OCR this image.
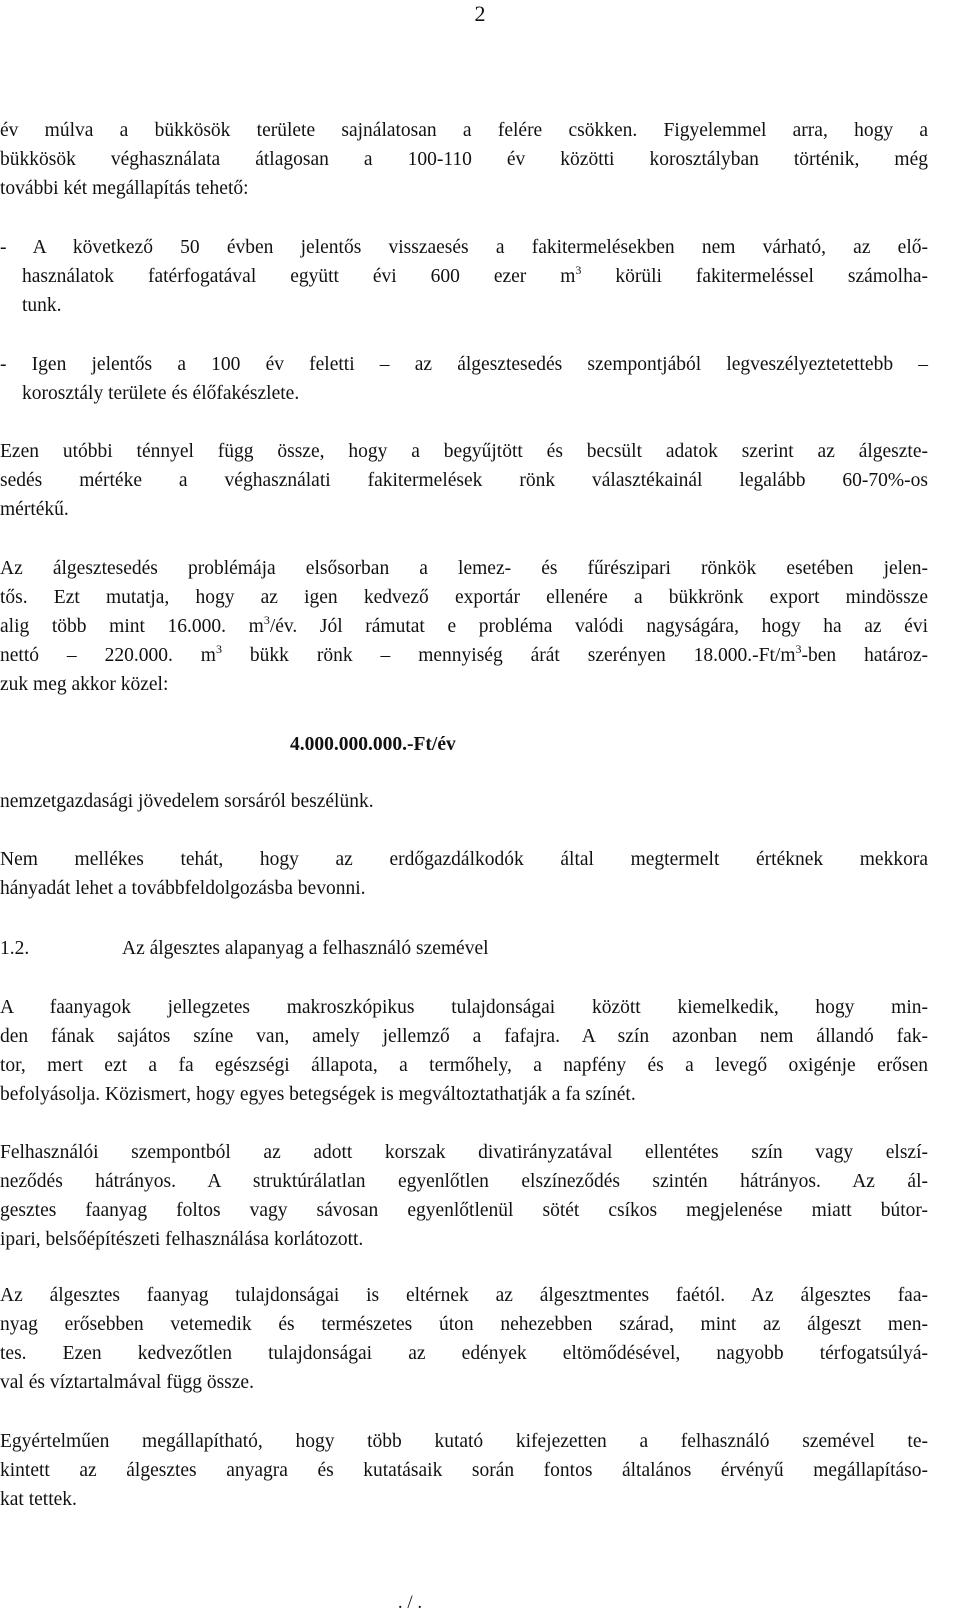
2
év múlva a bükkösök területe sajnálatosan a felére csökken. Figyelemmel arra, hogy a
bükkösök véghasználata átlagosan a 100-110 év közötti korosztályban történik, még
további két megállapítás tehető:
- A következő 50 évben jelentős visszaesés a fakitermelésekben nem várható, az elő-
használatok fatérfogatával együtt évi 600 ezer $m^3$ körüli fakitermeléssel számolha-
tunk.
- Igen jelentős a 100 év feletti – az álgesztesedés szempontjából legveszélyeztetettebb –
korosztály területe és élőfakészlete.
Ezen utóbbi ténnyel függ össze, hogy a begyűjtött és becsült adatok szerint az álgeszte-
sedés mértéke a véghasználati fakitermelések rönk választékainál legalább 60-70%-os
mértékű.
Az álgesztesedés problémája elsősorban a lemez- és fűrészipari rönkök esetében jelen-
tős. Ezt mutatja, hogy az igen kedvező exportár ellenére a bükkrönk export mindössze
alig több mint 16.000. $m^3/év$. Jól rámutat e probléma valódi nagyságára, hogy ha az évi
nettó – 220.000. $m^3$ bükk rönk – mennyiség árát szerényen $18.000.-Ft/m^3$-ben határoz-
zuk meg akkor közel:
4.000.000.000.-Ft/év
nemzetgazdasági jövedelem sorsáról beszélünk.
Nem mellékes tehát, hogy az erdőgazdálkodók által megtermelt értéknek mekkora
hányadát lehet a továbbfeldolgozásba bevonni.
1.2.	Az álgesztes alapanyag a felhasználó szemével
A faanyagok jellegzetes makroszkópikus tulajdonságai között kiemelkedik, hogy min-
den fának sajátos színe van, amely jellemző a fafajra. A szín azonban nem állandó fak-
tor, mert ezt a fa egészségi állapota, a termőhely, a napfény és a levegő oxigénje erősen
befolyásolja. Közismert, hogy egyes betegségek is megváltoztathatják a fa színét.
Felhasználói szempontból az adott korszak divatirányzatával ellentétes szín vagy elszí-
neződés hátrányos. A struktúrálatlan egyenlőtlen elszíneződés szintén hátrányos. Az ál-
gesztes faanyag foltos vagy sávosan egyenlőtlenül sötét csíkos megjelenése miatt bútor-
ipari, belsőépítészeti felhasználása korlátozott.
Az álgesztes faanyag tulajdonságai is eltérnek az álgesztmentes faétól. Az álgesztes faa-
nyag erősebben vetemedik és természetes úton nehezebben szárad, mint az álgeszt men-
tes. Ezen kedvezőtlen tulajdonságai az edények eltömődésével, nagyobb térfogatsúlyá-
val és víztartalmával függ össze.
Egyértelműen megállapítható, hogy több kutató kifejezetten a felhasználó szemével te-
kintett az álgesztes anyagra és kutatásaik során fontos általános érvényű megállapításo-
kat tettek.
. / .
